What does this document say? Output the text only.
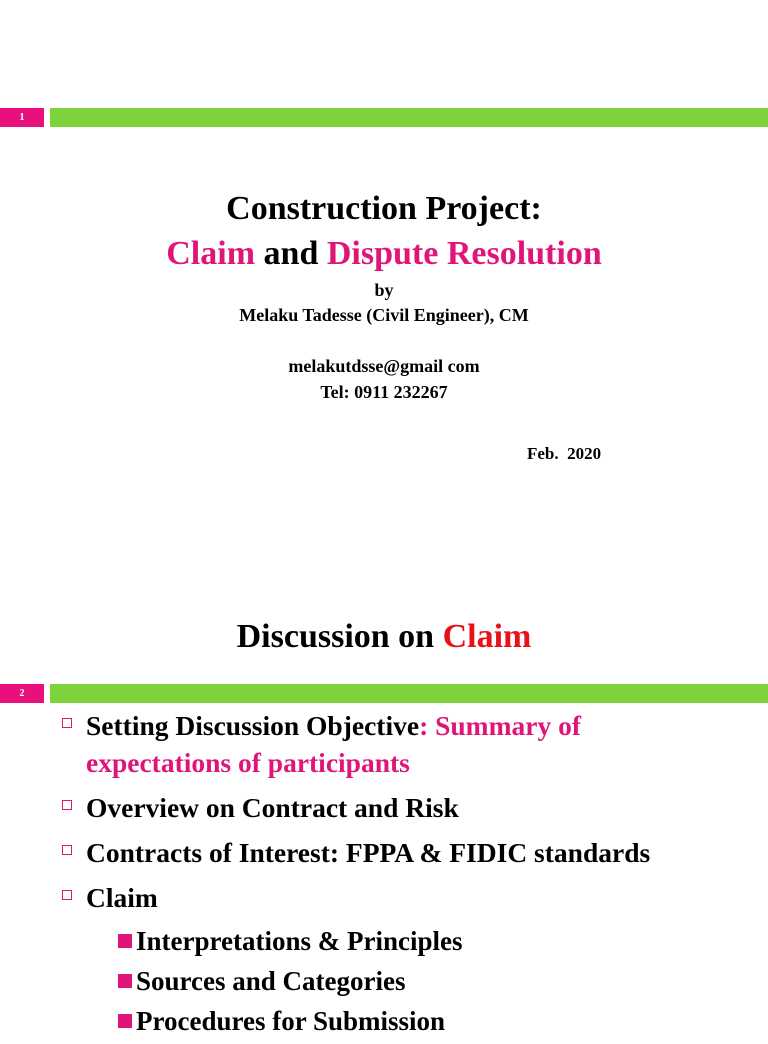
1
Construction Project:
Claim and Dispute Resolution
by
Melaku Tadesse (Civil Engineer), CM
melakutdsse@gmail com
Tel: 0911 232267
Feb.  2020
Discussion on Claim
2
Setting Discussion Objective: Summary of expectations of participants
Overview on Contract and Risk
Contracts of Interest: FPPA & FIDIC standards
Claim
Interpretations & Principles
Sources and Categories
Procedures for Submission
